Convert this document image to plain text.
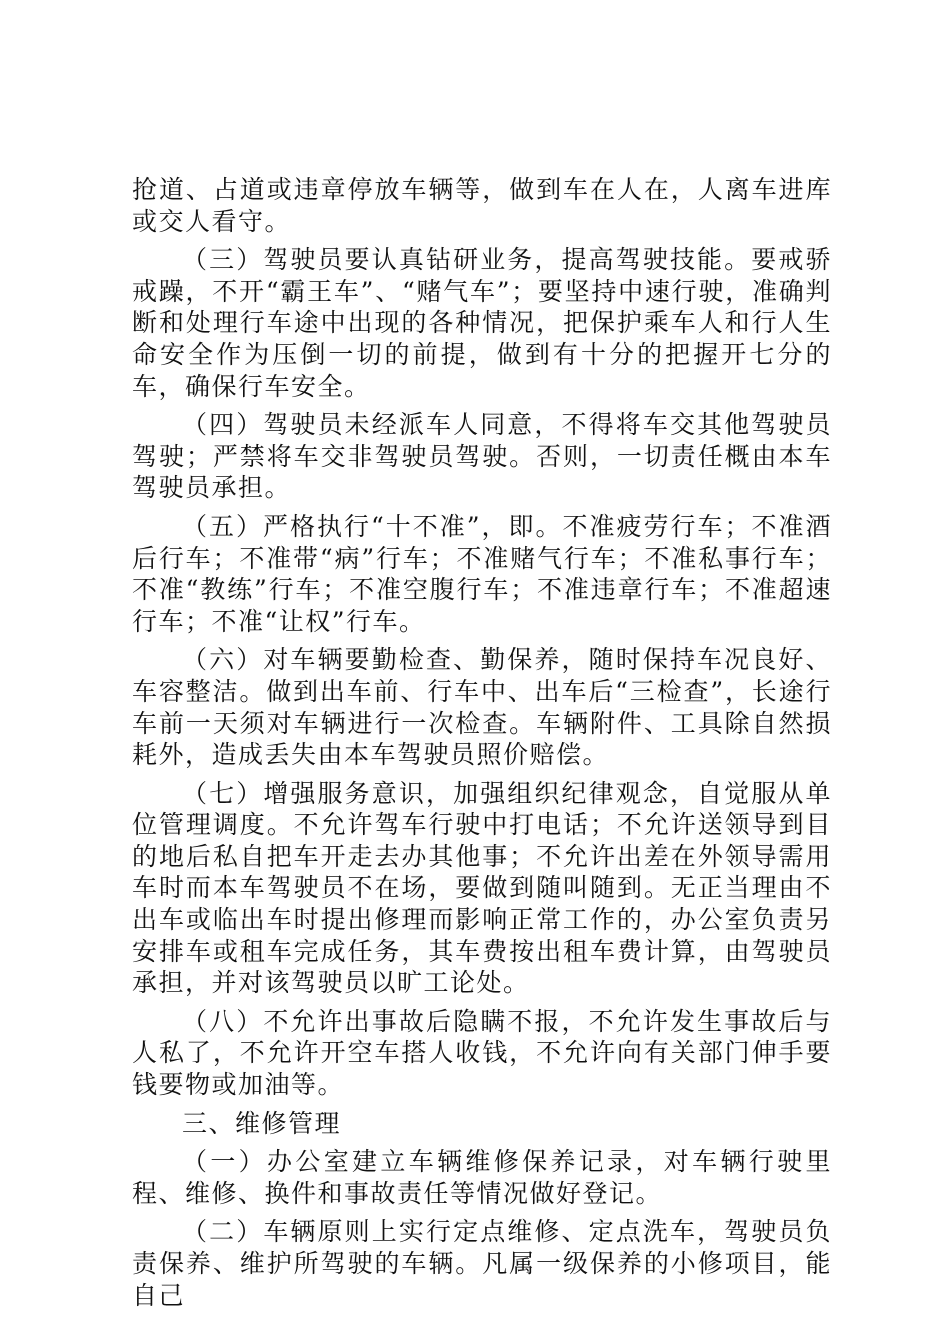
抢道、占道或违章停放车辆等，做到车在人在，人离车进库或交人看守。

（三）驾驶员要认真钻研业务，提高驾驶技能。要戒骄戒躁，不开“霸王车”、“赌气车”；要坚持中速行驶，准确判断和处理行车途中出现的各种情况，把保护乘车人和行人生命安全作为压倒一切的前提，做到有十分的把握开七分的车，确保行车安全。

（四）驾驶员未经派车人同意，不得将车交其他驾驶员驾驶；严禁将车交非驾驶员驾驶。否则，一切责任概由本车驾驶员承担。

（五）严格执行“十不准”，即。不准疲劳行车；不准酒后行车；不准带“病”行车；不准赌气行车；不准私事行车；不准“教练”行车；不准空腹行车；不准违章行车；不准超速行车；不准“让权”行车。

（六）对车辆要勤检查、勤保养，随时保持车况良好、车容整洁。做到出车前、行车中、出车后“三检查”，长途行车前一天须对车辆进行一次检查。车辆附件、工具除自然损耗外，造成丢失由本车驾驶员照价赔偿。

（七）增强服务意识，加强组织纪律观念，自觉服从单位管理调度。不允许驾车行驶中打电话；不允许送领导到目的地后私自把车开走去办其他事；不允许出差在外领导需用车时而本车驾驶员不在场，要做到随叫随到。无正当理由不出车或临出车时提出修理而影响正常工作的，办公室负责另安排车或租车完成任务，其车费按出租车费计算，由驾驶员承担，并对该驾驶员以旷工论处。

（八）不允许出事故后隐瞒不报，不允许发生事故后与人私了，不允许开空车搭人收钱，不允许向有关部门伸手要钱要物或加油等。

三、维修管理

（一）办公室建立车辆维修保养记录，对车辆行驶里程、维修、换件和事故责任等情况做好登记。

（二）车辆原则上实行定点维修、定点洗车，驾驶员负责保养、维护所驾驶的车辆。凡属一级保养的小修项目，能自己
